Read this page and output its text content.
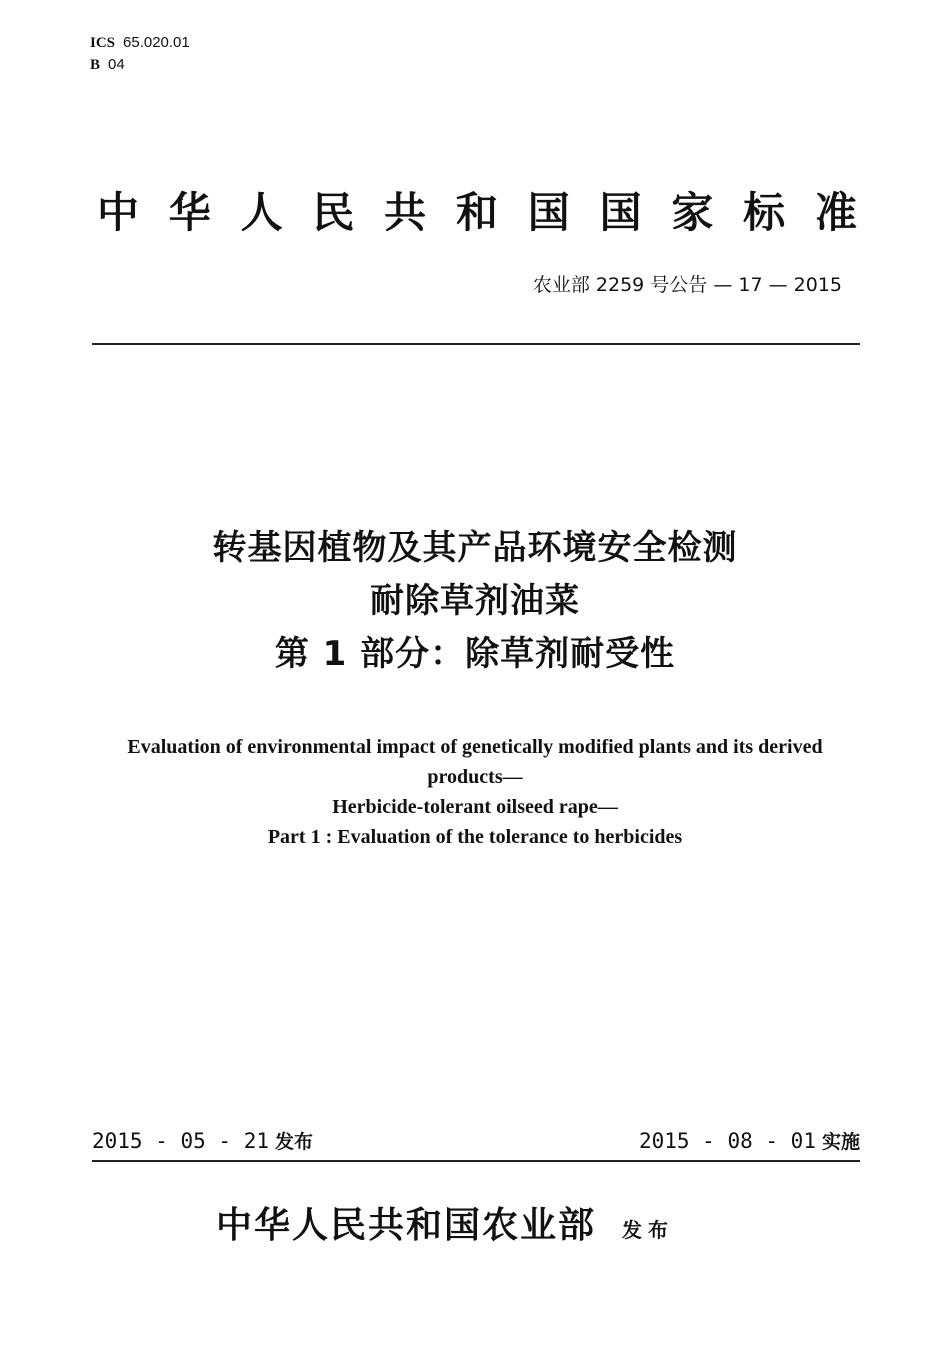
ICS 65.020.01
B 04
中 华 人 民 共 和 国 国 家 标 准
农业部 2259 号公告 — 17 — 2015
转基因植物及其产品环境安全检测
耐除草剂油菜
第 1 部分：除草剂耐受性
Evaluation of environmental impact of genetically modified plants and its derived
products—
Herbicide-tolerant oilseed rape—
Part 1 : Evaluation of the tolerance to herbicides
2015 - 05 - 21 发布	2015 - 08 - 01 实施
中华人民共和国农业部 发布
